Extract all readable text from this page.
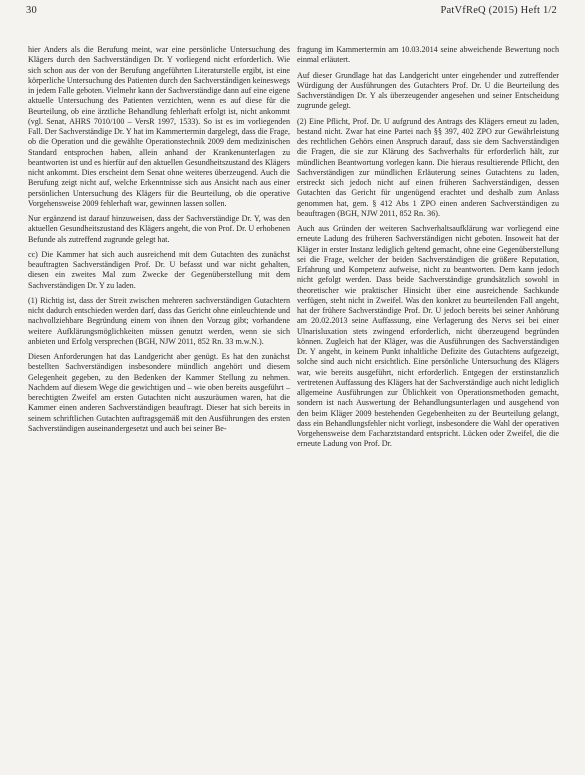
30	PatVfReQ (2015) Heft 1/2

hier Anders als die Berufung meint, war eine persönliche Untersuchung des Klägers durch den Sachverständigen Dr. Y vorliegend nicht erforderlich. Wie sich schon aus der von der Berufung angeführten Literaturstelle ergibt, ist eine körperliche Untersuchung des Patienten durch den Sachverständigen keineswegs in jedem Falle geboten. Vielmehr kann der Sachverständige dann auf eine eigene aktuelle Untersuchung des Patienten verzichten, wenn es auf diese für die Beurteilung, ob eine ärztliche Behandlung fehlerhaft erfolgt ist, nicht ankommt (vgl. Senat, AHRS 7010/100 – VersR 1997, 1533). So ist es im vorliegenden Fall. Der Sachverständige Dr. Y hat im Kammertermin dargelegt, dass die Frage, ob die Operation und die gewählte Operationstechnik 2009 dem medizinischen Standard entsprochen haben, allein anhand der Krankenunterlagen zu beantworten ist und es hierfür auf den aktuellen Gesundheitszustand des Klägers nicht ankommt. Dies erscheint dem Senat ohne weiteres überzeugend. Auch die Berufung zeigt nicht auf, welche Erkenntnisse sich aus Ansicht nach aus einer persönlichen Untersuchung des Klägers für die Beurteilung, ob die operative Vorgehensweise 2009 fehlerhaft war, gewinnen lassen sollen.

Nur ergänzend ist darauf hinzuweisen, dass der Sachverständige Dr. Y, was den aktuellen Gesundheitszustand des Klägers angeht, die von Prof. Dr. U erhobenen Befunde als zutreffend zugrunde gelegt hat.

cc) Die Kammer hat sich auch ausreichend mit dem Gutachten des zunächst beauftragten Sachverständigen Prof. Dr. U befasst und war nicht gehalten, diesen ein zweites Mal zum Zwecke der Gegenüberstellung mit dem Sachverständigen Dr. Y zu laden.

(1) Richtig ist, dass der Streit zwischen mehreren sachverständigen Gutachtern nicht dadurch entschieden werden darf, dass das Gericht ohne einleuchtende und nachvollziehbare Begründung einem von ihnen den Vorzug gibt; vorhandene weitere Aufklärungsmöglichkeiten müssen genutzt werden, wenn sie sich anbieten und Erfolg versprechen (BGH, NJW 2011, 852 Rn. 33 m.w.N.).

Diesen Anforderungen hat das Landgericht aber genügt. Es hat den zunächst bestellten Sachverständigen insbesondere mündlich angehört und diesem Gelegenheit gegeben, zu den Bedenken der Kammer Stellung zu nehmen. Nachdem auf diesem Wege die gewichtigen und – wie oben bereits ausgeführt – berechtigten Zweifel am ersten Gutachten nicht auszuräumen waren, hat die Kammer einen anderen Sachverständigen beauftragt. Dieser hat sich bereits in seinem schriftlichen Gutachten auftragsgemäß mit den Ausführungen des ersten Sachverständigen auseinandergesetzt und auch bei seiner Be-

fragung im Kammertermin am 10.03.2014 seine abweichende Bewertung noch einmal erläutert.

Auf dieser Grundlage hat das Landgericht unter eingehender und zutreffender Würdigung der Ausführungen des Gutachters Prof. Dr. U die Beurteilung des Sachverständigen Dr. Y als überzeugender angesehen und seiner Entscheidung zugrunde gelegt.

(2) Eine Pflicht, Prof. Dr. U aufgrund des Antrags des Klägers erneut zu laden, bestand nicht. Zwar hat eine Partei nach §§ 397, 402 ZPO zur Gewährleistung des rechtlichen Gehörs einen Anspruch darauf, dass sie dem Sachverständigen die Fragen, die sie zur Klärung des Sachverhalts für erforderlich hält, zur mündlichen Beantwortung vorlegen kann. Die hieraus resultierende Pflicht, den Sachverständigen zur mündlichen Erläuterung seines Gutachtens zu laden, erstreckt sich jedoch nicht auf einen früheren Sachverständigen, dessen Gutachten das Gericht für ungenügend erachtet und deshalb zum Anlass genommen hat, gem. § 412 Abs 1 ZPO einen anderen Sachverständigen zu beauftragen (BGH, NJW 2011, 852 Rn. 36).

Auch aus Gründen der weiteren Sachverhaltsaufklärung war vorliegend eine erneute Ladung des früheren Sachverständigen nicht geboten. Insoweit hat der Kläger in erster Instanz lediglich geltend gemacht, ohne eine Gegenüberstellung sei die Frage, welcher der beiden Sachverständigen die größere Reputation, Erfahrung und Kompetenz aufweise, nicht zu beantworten. Dem kann jedoch nicht gefolgt werden. Dass beide Sachverständige grundsätzlich sowohl in theoretischer wie praktischer Hinsicht über eine ausreichende Sachkunde verfügen, steht nicht in Zweifel. Was den konkret zu beurteilenden Fall angeht, hat der frühere Sachverständige Prof. Dr. U jedoch bereits bei seiner Anhörung am 20.02.2013 seine Auffassung, eine Verlagerung des Nervs sei bei einer Ulnarisluxation stets zwingend erforderlich, nicht überzeugend begründen können. Zugleich hat der Kläger, was die Ausführungen des Sachverständigen Dr. Y angeht, in keinem Punkt inhaltliche Defizite des Gutachtens aufgezeigt, solche sind auch nicht ersichtlich. Eine persönliche Untersuchung des Klägers war, wie bereits ausgeführt, nicht erforderlich. Entgegen der erstinstanzlich vertretenen Auffassung des Klägers hat der Sachverständige auch nicht lediglich allgemeine Ausführungen zur Üblichkeit von Operationsmethoden gemacht, sondern ist nach Auswertung der Behandlungsunterlagen und ausgehend von den beim Kläger 2009 bestehenden Gegebenheiten zu der Beurteilung gelangt, dass ein Behandlungsfehler nicht vorliegt, insbesondere die Wahl der operativen Vorgehensweise dem Facharztstandard entspricht. Lücken oder Zweifel, die die erneute Ladung von Prof. Dr.
